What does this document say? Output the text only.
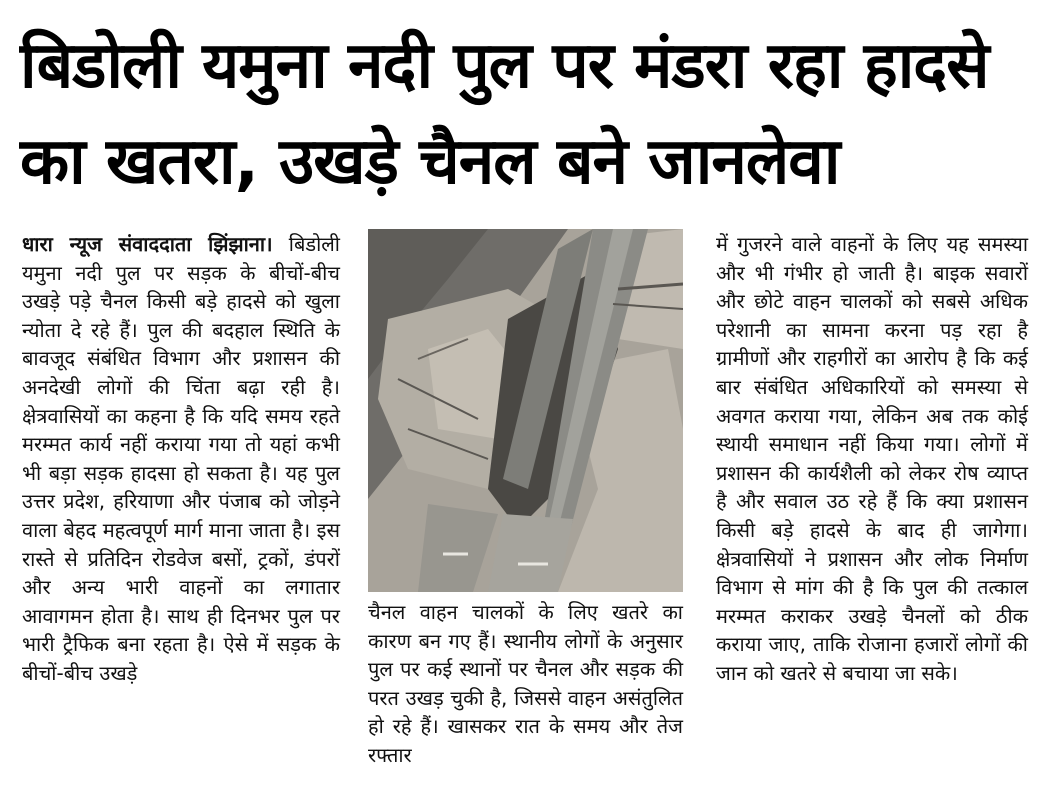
बिडोली यमुना नदी पुल पर मंडरा रहा हादसे
का खतरा, उखड़े चैनल बने जानलेवा

धारा न्यूज संवाददाता झिंझाना। बिडोली यमुना नदी पुल पर सड़क के बीचों-बीच उखड़े पड़े चैनल किसी बड़े हादसे को खुला न्योता दे रहे हैं। पुल की बदहाल स्थिति के बावजूद संबंधित विभाग और प्रशासन की अनदेखी लोगों की चिंता बढ़ा रही है। क्षेत्रवासियों का कहना है कि यदि समय रहते मरम्मत कार्य नहीं कराया गया तो यहां कभी भी बड़ा सड़क हादसा हो सकता है। यह पुल उत्तर प्रदेश, हरियाणा और पंजाब को जोड़ने वाला बेहद महत्वपूर्ण मार्ग माना जाता है। इस रास्ते से प्रतिदिन रोडवेज बसों, ट्रकों, डंपरों और अन्य भारी वाहनों का लगातार आवागमन होता है। साथ ही दिनभर पुल पर भारी ट्रैफिक बना रहता है। ऐसे में सड़क के बीचों-बीच उखड़े

चैनल वाहन चालकों के लिए खतरे का कारण बन गए हैं। स्थानीय लोगों के अनुसार पुल पर कई स्थानों पर चैनल और सड़क की परत उखड़ चुकी है, जिससे वाहन असंतुलित हो रहे हैं। खासकर रात के समय और तेज रफ्तार

में गुजरने वाले वाहनों के लिए यह समस्या और भी गंभीर हो जाती है। बाइक सवारों और छोटे वाहन चालकों को सबसे अधिक परेशानी का सामना करना पड़ रहा है ग्रामीणों और राहगीरों का आरोप है कि कई बार संबंधित अधिकारियों को समस्या से अवगत कराया गया, लेकिन अब तक कोई स्थायी समाधान नहीं किया गया। लोगों में प्रशासन की कार्यशैली को लेकर रोष व्याप्त है और सवाल उठ रहे हैं कि क्या प्रशासन किसी बड़े हादसे के बाद ही जागेगा। क्षेत्रवासियों ने प्रशासन और लोक निर्माण विभाग से मांग की है कि पुल की तत्काल मरम्मत कराकर उखड़े चैनलों को ठीक कराया जाए, ताकि रोजाना हजारों लोगों की जान को खतरे से बचाया जा सके।
